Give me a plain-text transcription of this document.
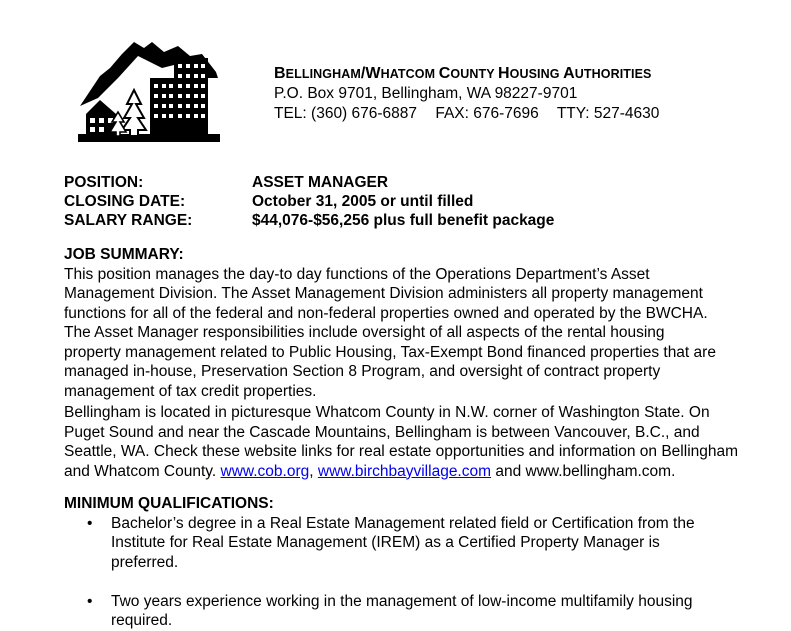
BELLINGHAM/WHATCOM COUNTY HOUSING AUTHORITIES
P.O. Box 9701, Bellingham, WA 98227-9701
TEL: (360) 676-6887 FAX: 676-7696 TTY: 527-4630
POSITION:	ASSET MANAGER
CLOSING DATE:	October 31, 2005 or until filled
SALARY RANGE:	$44,076-$56,256 plus full benefit package
JOB SUMMARY:
This position manages the day-to day functions of the Operations Department’s Asset
Management Division. The Asset Management Division administers all property management
functions for all of the federal and non-federal properties owned and operated by the BWCHA.
The Asset Manager responsibilities include oversight of all aspects of the rental housing
property management related to Public Housing, Tax-Exempt Bond financed properties that are
managed in-house, Preservation Section 8 Program, and oversight of contract property
management of tax credit properties.
Bellingham is located in picturesque Whatcom County in N.W. corner of Washington State. On
Puget Sound and near the Cascade Mountains, Bellingham is between Vancouver, B.C., and
Seattle, WA. Check these website links for real estate opportunities and information on Bellingham
and Whatcom County. www.cob.org, www.birchbayvillage.com and www.bellingham.com.
MINIMUM QUALIFICATIONS:
• Bachelor’s degree in a Real Estate Management related field or Certification from the
Institute for Real Estate Management (IREM) as a Certified Property Manager is
preferred.
• Two years experience working in the management of low-income multifamily housing
required.
